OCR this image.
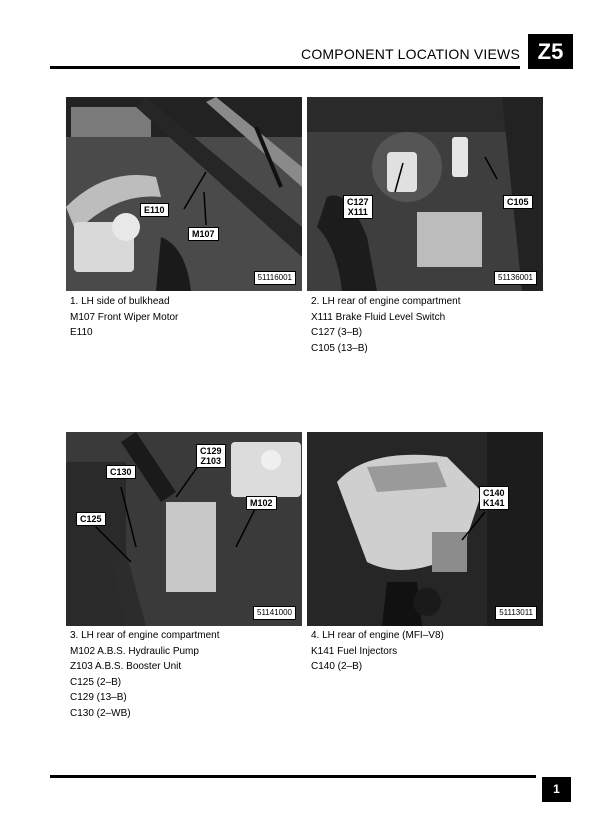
COMPONENT LOCATION VIEWS Z5
E110
M107
51116001
1. LH side of bulkhead
M107 Front Wiper Motor
E110
C127
X111
C105
51136001
2. LH rear of engine compartment
X111 Brake Fluid Level Switch
C127 (3–B)
C105 (13–B)
C129
Z103
C130
M102
C125
51141000
3. LH rear of engine compartment
M102 A.B.S. Hydraulic Pump
Z103 A.B.S. Booster Unit
C125 (2–B)
C129 (13–B)
C130 (2–WB)
C140
K141
51113011
4. LH rear of engine (MFI–V8)
K141 Fuel Injectors
C140 (2–B)
1
